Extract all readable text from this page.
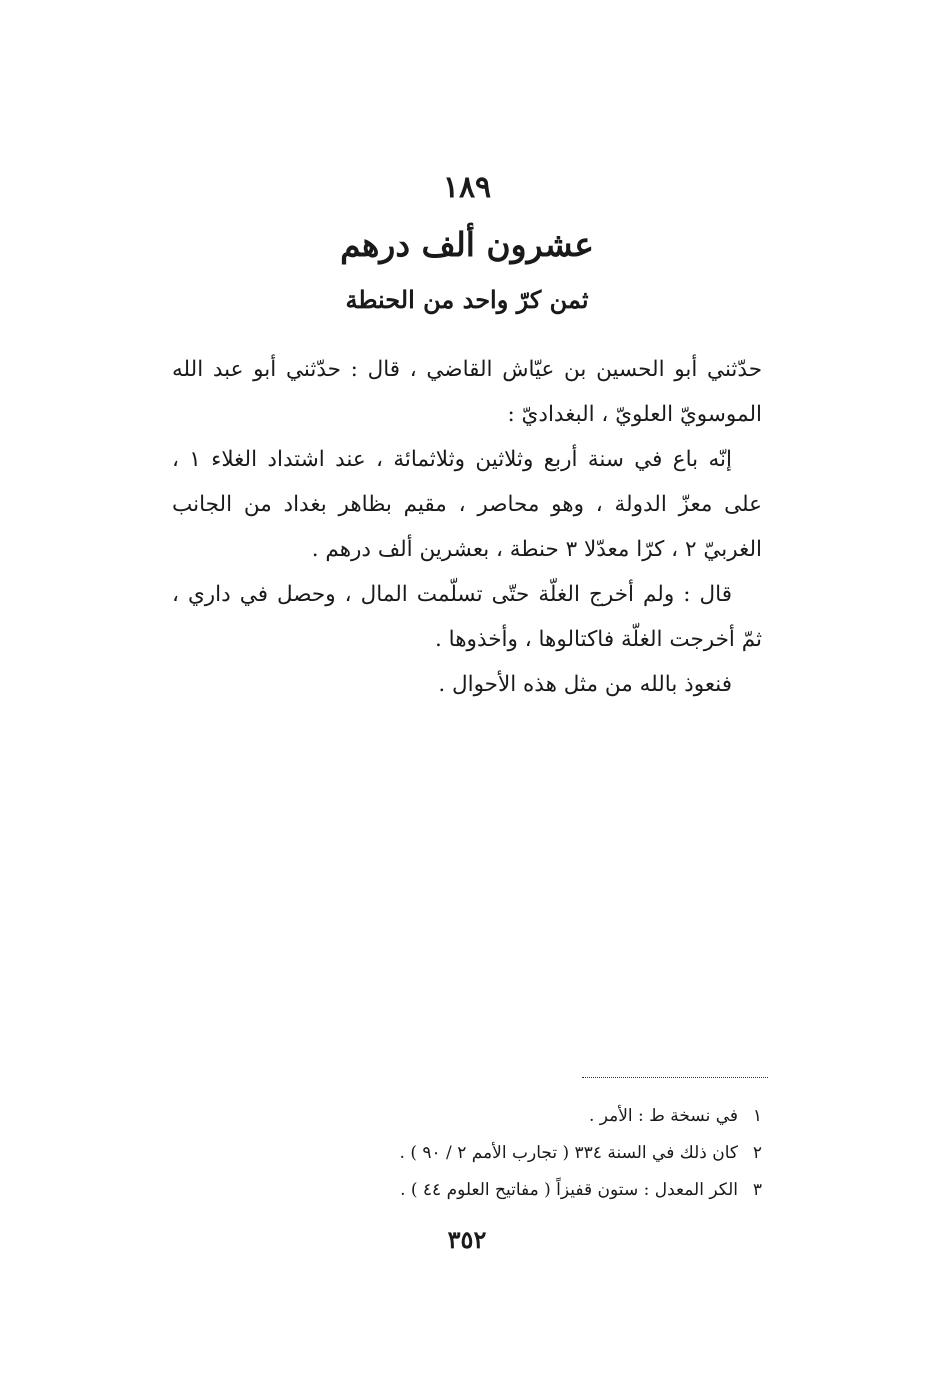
١٨٩
عشرون ألف درهم
ثمن كرّ واحد من الحنطة

حدّثني أبو الحسين بن عيّاش القاضي ، قال : حدّثني أبو عبد الله الموسويّ العلويّ ، البغداديّ :

إنّه باع في سنة أربع وثلاثين وثلاثمائة ، عند اشتداد الغلاء ١ ، على معزّ الدولة ، وهو محاصر ، مقيم بظاهر بغداد من الجانب الغربيّ ٢ ، كرّا معدّلا ٣ حنطة ، بعشرين ألف درهم .

قال : ولم أخرج الغلّة حتّى تسلّمت المال ، وحصل في داري ، ثمّ أخرجت الغلّة فاكتالوها ، وأخذوها .

فنعوذ بالله من مثل هذه الأحوال .

١في نسخة ط : الأمر .
٢كان ذلك في السنة ٣٣٤ ( تجارب الأمم ٢ / ٩٠ ) .
٣الكر المعدل : ستون قفيزاً ( مفاتيح العلوم ٤٤ ) .
٣٥٢
